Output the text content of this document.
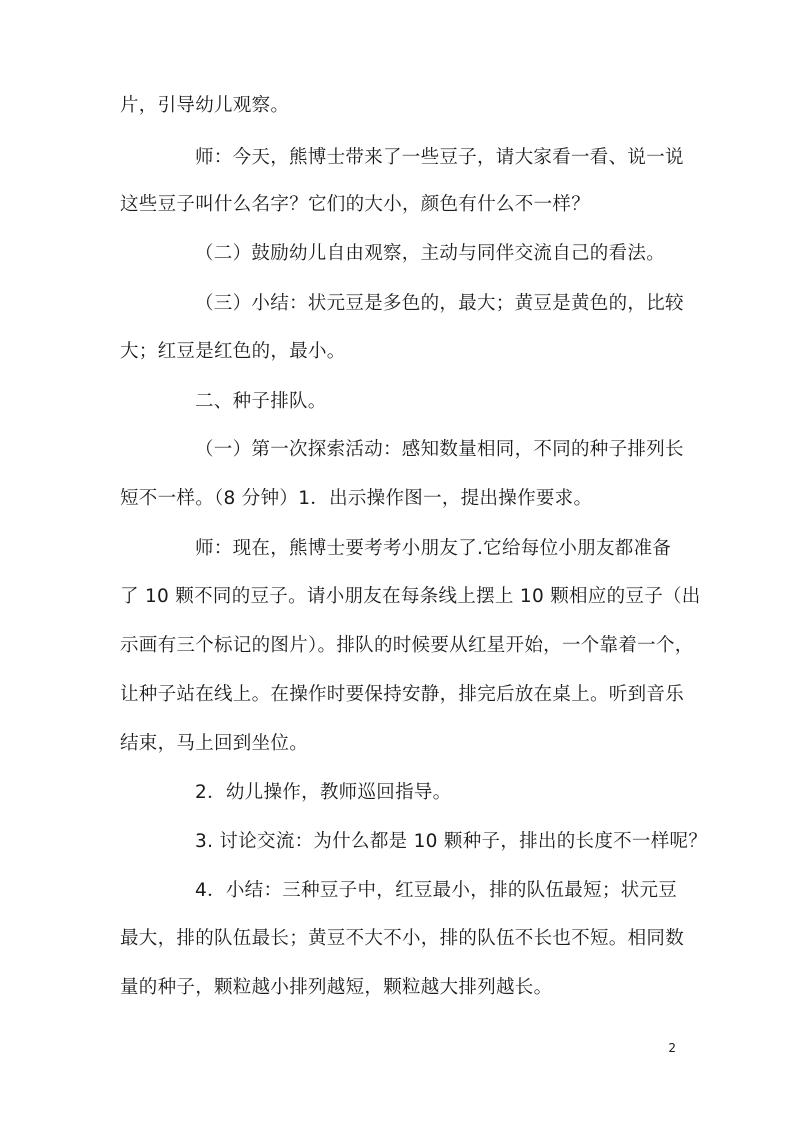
片，引导幼儿观察。
师：今天，熊博士带来了一些豆子，请大家看一看、说一说
这些豆子叫什么名字？它们的大小，颜色有什么不一样？
（二）鼓励幼儿自由观察，主动与同伴交流自己的看法。
（三）小结：状元豆是多色的，最大；黄豆是黄色的，比较
大；红豆是红色的，最小。
二、种子排队。
（一）第一次探索活动：感知数量相同，不同的种子排列长
短不一样。（8 分钟）1．出示操作图一，提出操作要求。
师：现在，熊博士要考考小朋友了.它给每位小朋友都准备
了 10 颗不同的豆子。请小朋友在每条线上摆上 10 颗相应的豆子（出
示画有三个标记的图片）。排队的时候要从红星开始，一个靠着一个，
让种子站在线上。在操作时要保持安静，排完后放在桌上。听到音乐
结束，马上回到坐位。
2．幼儿操作，教师巡回指导。
3. 讨论交流：为什么都是 10 颗种子，排出的长度不一样呢？
4．小结：三种豆子中，红豆最小，排的队伍最短；状元豆
最大，排的队伍最长；黄豆不大不小，排的队伍不长也不短。相同数
量的种子，颗粒越小排列越短，颗粒越大排列越长。
2
